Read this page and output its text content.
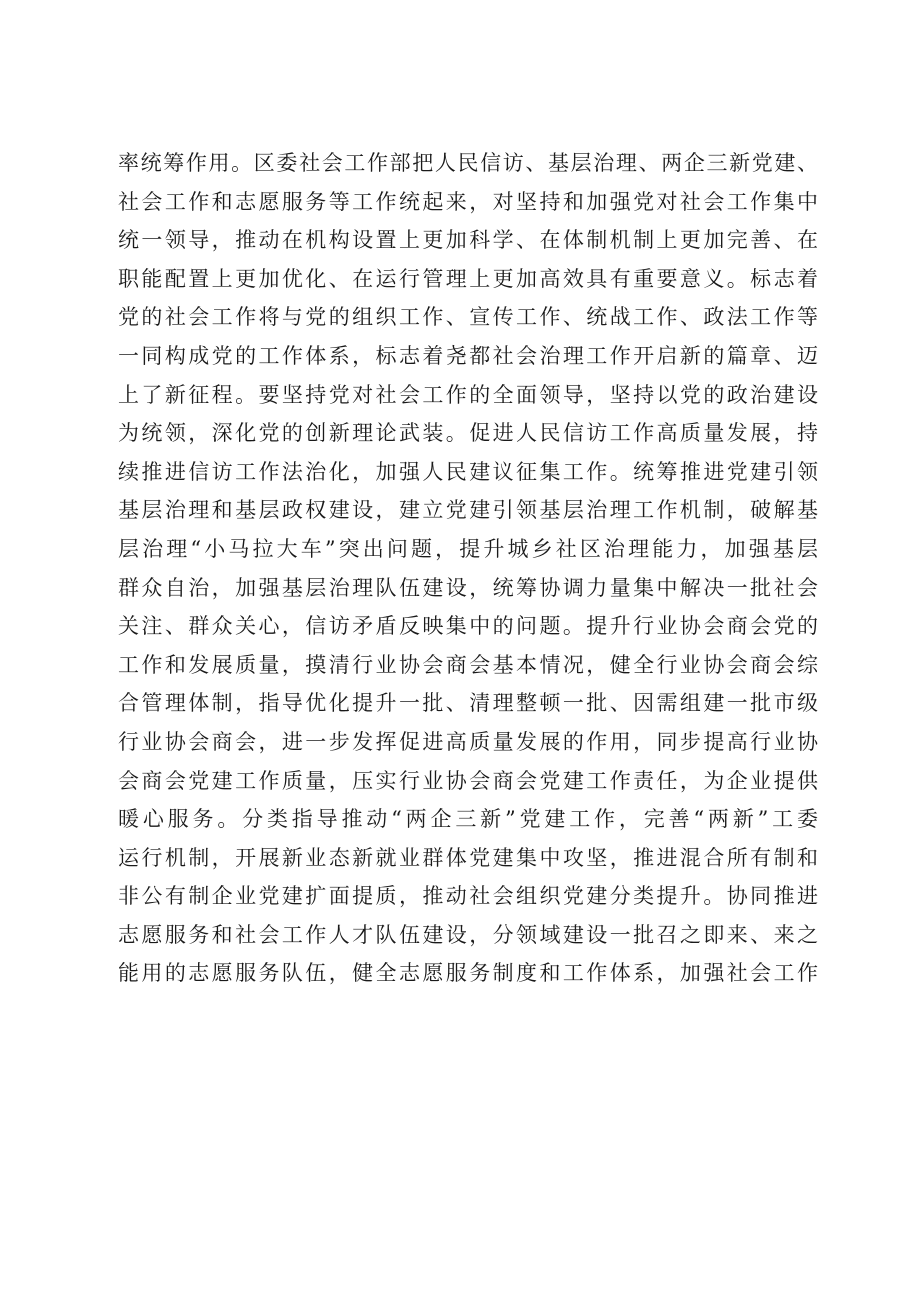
率统筹作用。区委社会工作部把人民信访、基层治理、两企三新党建、
社会工作和志愿服务等工作统起来，对坚持和加强党对社会工作集中
统一领导，推动在机构设置上更加科学、在体制机制上更加完善、在
职能配置上更加优化、在运行管理上更加高效具有重要意义。标志着
党的社会工作将与党的组织工作、宣传工作、统战工作、政法工作等
一同构成党的工作体系，标志着尧都社会治理工作开启新的篇章、迈
上了新征程。要坚持党对社会工作的全面领导，坚持以党的政治建设
为统领，深化党的创新理论武装。促进人民信访工作高质量发展，持
续推进信访工作法治化，加强人民建议征集工作。统筹推进党建引领
基层治理和基层政权建设，建立党建引领基层治理工作机制，破解基
层治理“小马拉大车”突出问题，提升城乡社区治理能力，加强基层
群众自治，加强基层治理队伍建设，统筹协调力量集中解决一批社会
关注、群众关心，信访矛盾反映集中的问题。提升行业协会商会党的
工作和发展质量，摸清行业协会商会基本情况，健全行业协会商会综
合管理体制，指导优化提升一批、清理整顿一批、因需组建一批市级
行业协会商会，进一步发挥促进高质量发展的作用，同步提高行业协
会商会党建工作质量，压实行业协会商会党建工作责任，为企业提供
暖心服务。分类指导推动“两企三新”党建工作，完善“两新”工委
运行机制，开展新业态新就业群体党建集中攻坚，推进混合所有制和
非公有制企业党建扩面提质，推动社会组织党建分类提升。协同推进
志愿服务和社会工作人才队伍建设，分领域建设一批召之即来、来之
能用的志愿服务队伍，健全志愿服务制度和工作体系，加强社会工作
